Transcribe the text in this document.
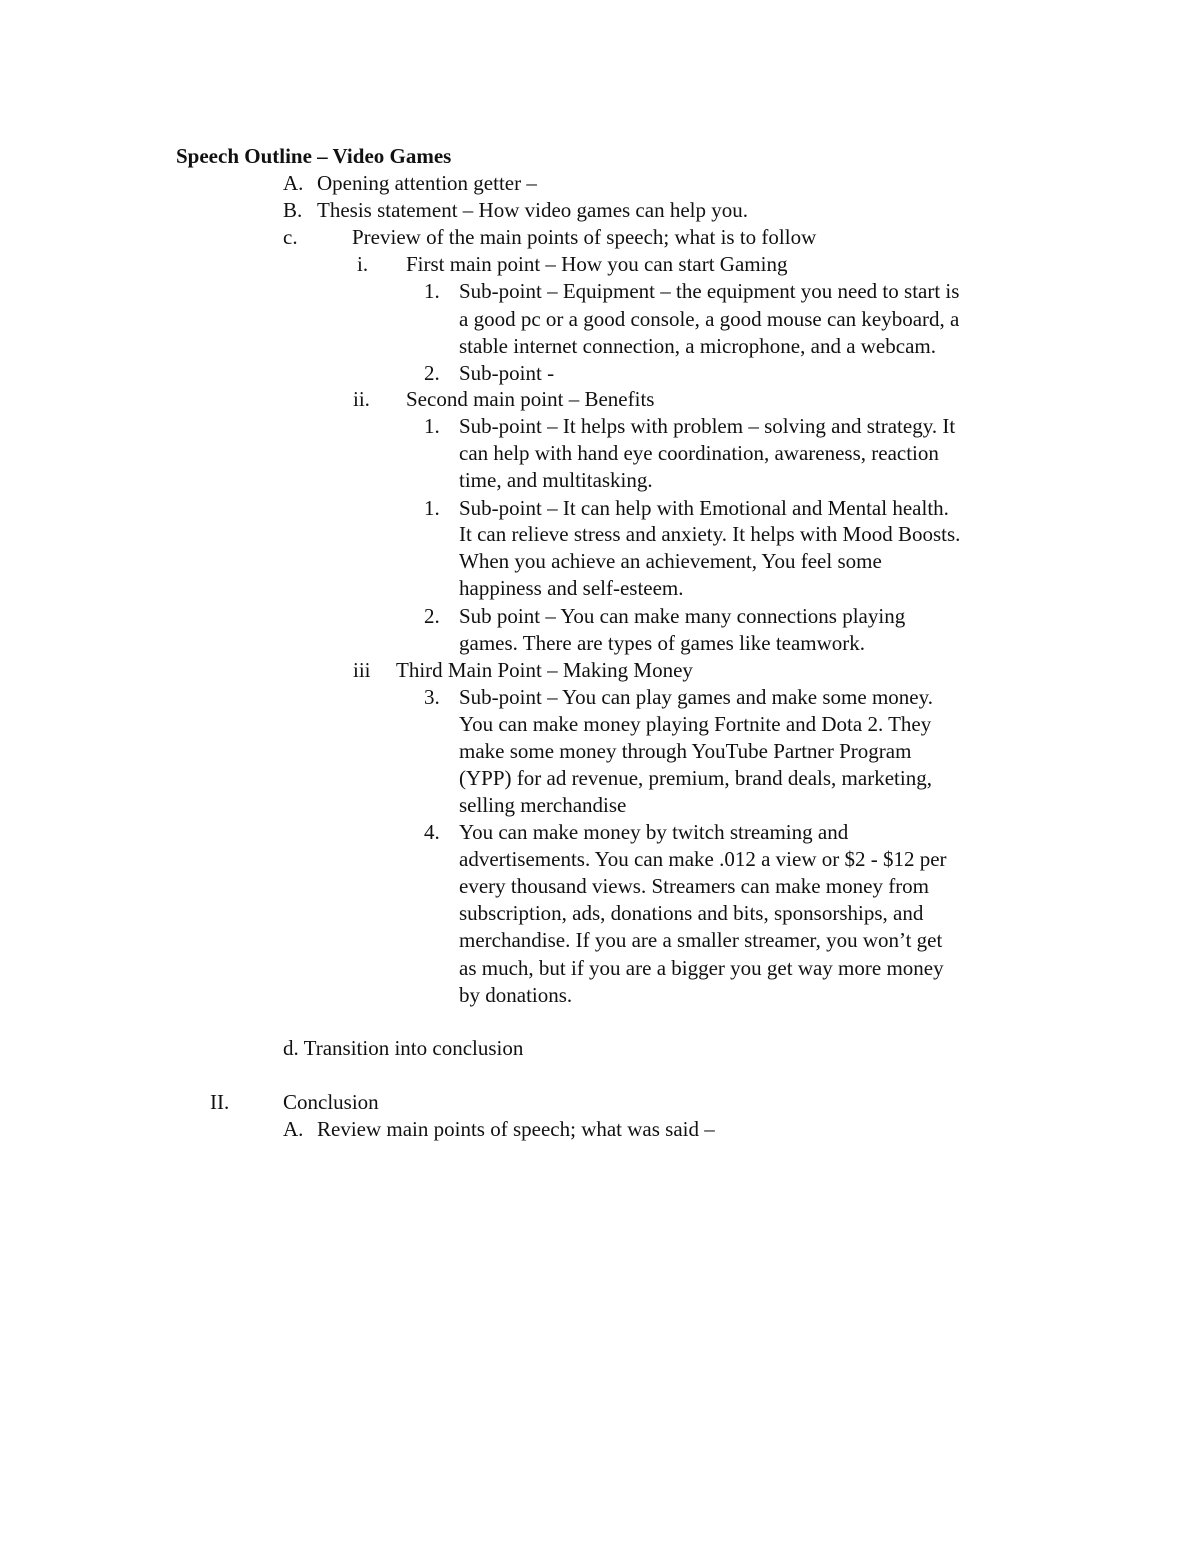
Speech Outline – Video Games
A. Opening attention getter –
B. Thesis statement – How video games can help you.
c.	Preview of the main points of speech; what is to follow
i. First main point – How you can start Gaming
1. Sub-point – Equipment – the equipment you need to start is
a good pc or a good console, a good mouse can keyboard, a
stable internet connection, a microphone, and a webcam.
2. Sub-point -
ii. Second main point – Benefits
1. Sub-point – It helps with problem – solving and strategy. It
can help with hand eye coordination, awareness, reaction
time, and multitasking.
1. Sub-point – It can help with Emotional and Mental health.
It can relieve stress and anxiety. It helps with Mood Boosts.
When you achieve an achievement, You feel some
happiness and self-esteem.
2. Sub point – You can make many connections playing
games. There are types of games like teamwork.
iii Third Main Point – Making Money
3. Sub-point – You can play games and make some money.
You can make money playing Fortnite and Dota 2. They
make some money through YouTube Partner Program
(YPP) for ad revenue, premium, brand deals, marketing,
selling merchandise
4. You can make money by twitch streaming and
advertisements. You can make .012 a view or $2 - $12 per
every thousand views. Streamers can make money from
subscription, ads, donations and bits, sponsorships, and
merchandise. If you are a smaller streamer, you won’t get
as much, but if you are a bigger you get way more money
by donations.
d. Transition into conclusion
II.	Conclusion
A. Review main points of speech; what was said –
